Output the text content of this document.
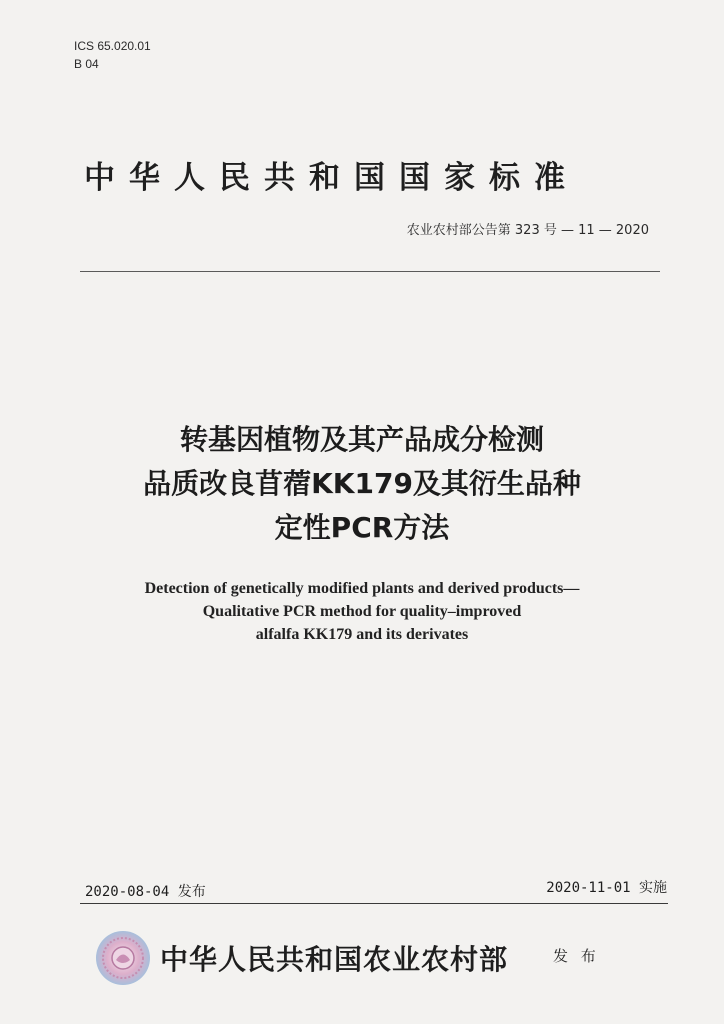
ICS 65.020.01
B 04
中华人民共和国国家标准
农业农村部公告第 323 号 — 11 — 2020
转基因植物及其产品成分检测
品质改良苜蓿KK179及其衍生品种
定性PCR方法
Detection of genetically modified plants and derived products—
Qualitative PCR method for quality–improved
alfalfa KK179 and its derivates
2020-08-04 发布	2020-11-01 实施
中华人民共和国农业农村部	发 布
